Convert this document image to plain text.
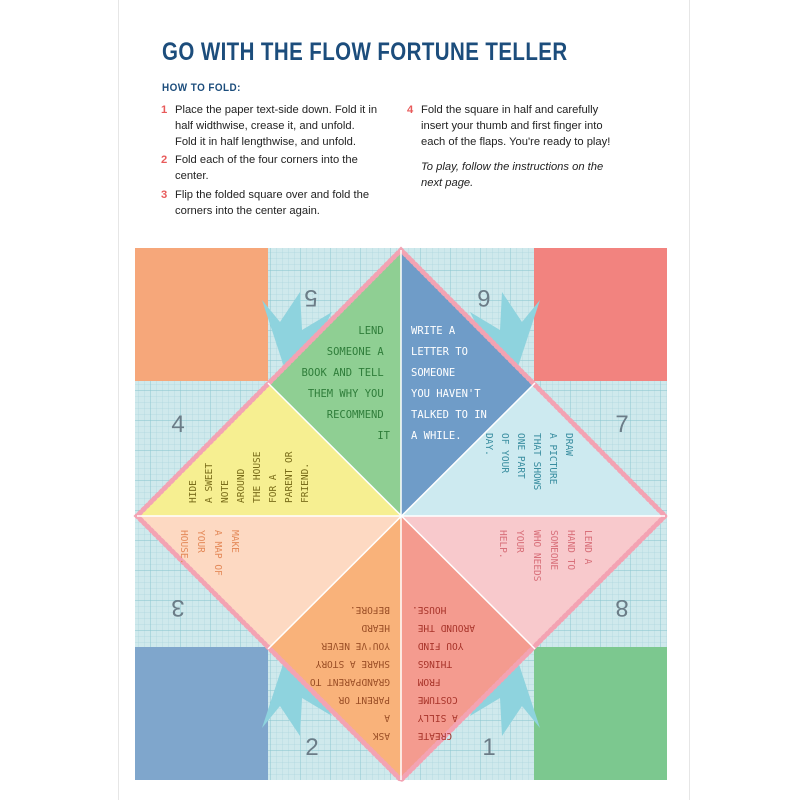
GO WITH THE FLOW FORTUNE TELLER
HOW TO FOLD:
1 Place the paper text-side down. Fold it in
half widthwise, crease it, and unfold.
Fold it in half lengthwise, and unfold.
2 Fold each of the four corners into the
center.
3 Flip the folded square over and fold the
corners into the center again.
4 Fold the square in half and carefully
insert your thumb and first finger into
each of the flaps. You're ready to play!
To play, follow the instructions on the
next page.
5	6
4	7
3	8
2	1
LEND SOMEONE A BOOK AND TELL THEM WHY YOU RECOMMEND IT
WRITE A LETTER TO SOMEONE YOU HAVEN'T TALKED TO IN A WHILE.
HIDE A SWEET NOTE AROUND THE HOUSE FOR A PARENT OR FRIEND.
DRAW A PICTURE THAT SHOWS ONE PART OF YOUR DAY.
MAKE A MAP OF YOUR HOUSE.	LEND A HAND TO SOMEONE WHO NEEDS YOUR HELP.
ASK A PARENT OR GRANDPARENT TO SHARE A STORY YOU'VE NEVER HEARD BEFORE.
CREATE A SILLY COSTUME FROM THINGS YOU FIND AROUND THE HOUSE.
